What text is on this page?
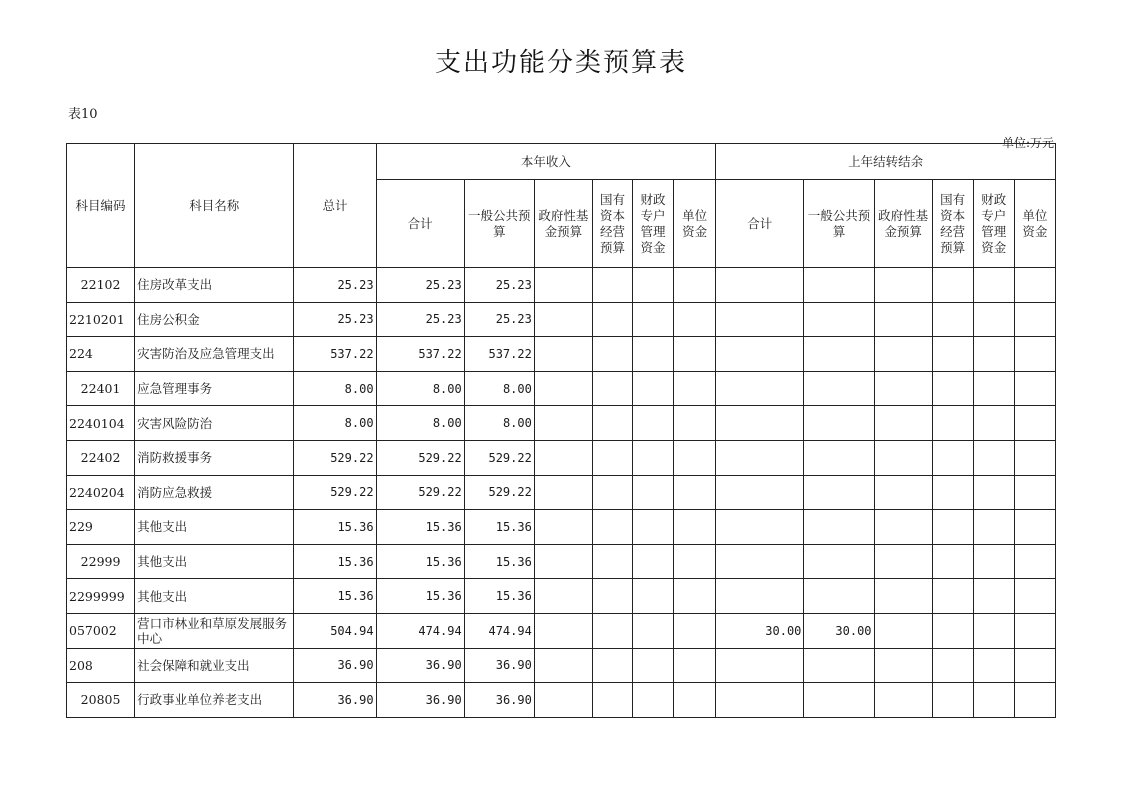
支出功能分类预算表
表10
单位:万元
科目编码	科目名称	总计	本年收入						上年结转结余					
			合计	一般公共预算	政府性基金预算	国有资本经营预算	财政专户管理资金	单位资金	合计	一般公共预算	政府性基金预算	国有资本经营预算	财政专户管理资金	单位资金
22102	住房改革支出	25.23	25.23	25.23										
2210201	住房公积金	25.23	25.23	25.23										
224	灾害防治及应急管理支出	537.22	537.22	537.22										
22401	应急管理事务	8.00	8.00	8.00										
2240104	灾害风险防治	8.00	8.00	8.00										
22402	消防救援事务	529.22	529.22	529.22										
2240204	消防应急救援	529.22	529.22	529.22										
229	其他支出	15.36	15.36	15.36										
22999	其他支出	15.36	15.36	15.36										
2299999	其他支出	15.36	15.36	15.36										
057002	营口市林业和草原发展服务中心	504.94	474.94	474.94					30.00	30.00				
208	社会保障和就业支出	36.90	36.90	36.90										
20805	行政事业单位养老支出	36.90	36.90	36.90										
